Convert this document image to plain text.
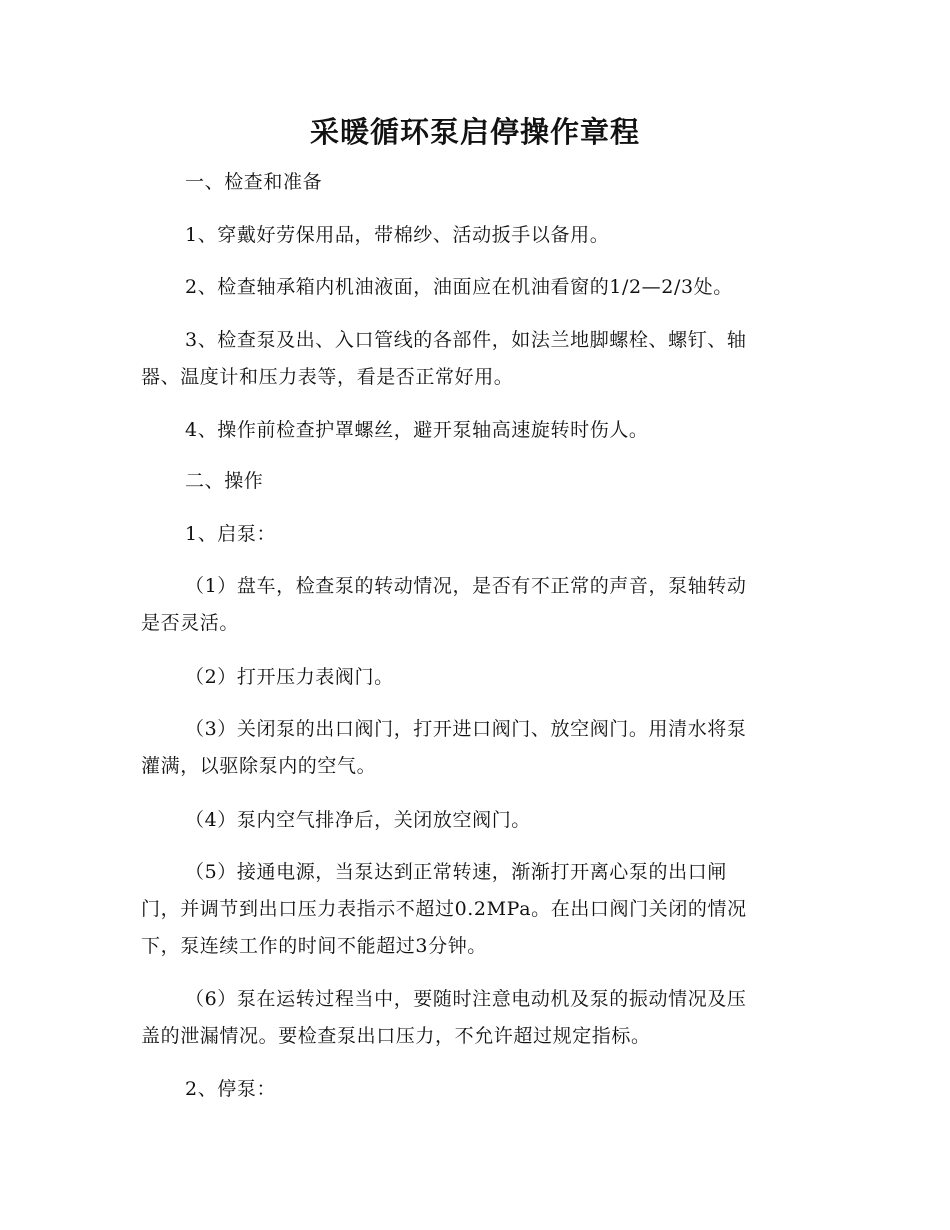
采暖循环泵启停操作章程

一、检查和准备

1、穿戴好劳保用品，带棉纱、活动扳手以备用。

2、检查轴承箱内机油液面，油面应在机油看窗的1/2—2/3处。

3、检查泵及出、入口管线的各部件，如法兰地脚螺栓、螺钉、轴
器、温度计和压力表等，看是否正常好用。

4、操作前检查护罩螺丝，避开泵轴高速旋转时伤人。

二、操作

1、启泵：

（1）盘车，检查泵的转动情况，是否有不正常的声音，泵轴转动
是否灵活。

（2）打开压力表阀门。

（3）关闭泵的出口阀门，打开进口阀门、放空阀门。用清水将泵
灌满，以驱除泵内的空气。

（4）泵内空气排净后，关闭放空阀门。

（5）接通电源，当泵达到正常转速，渐渐打开离心泵的出口闸
门，并调节到出口压力表指示不超过0.2MPa。在出口阀门关闭的情况
下，泵连续工作的时间不能超过3分钟。

（6）泵在运转过程当中，要随时注意电动机及泵的振动情况及压
盖的泄漏情况。要检查泵出口压力，不允许超过规定指标。

2、停泵：
